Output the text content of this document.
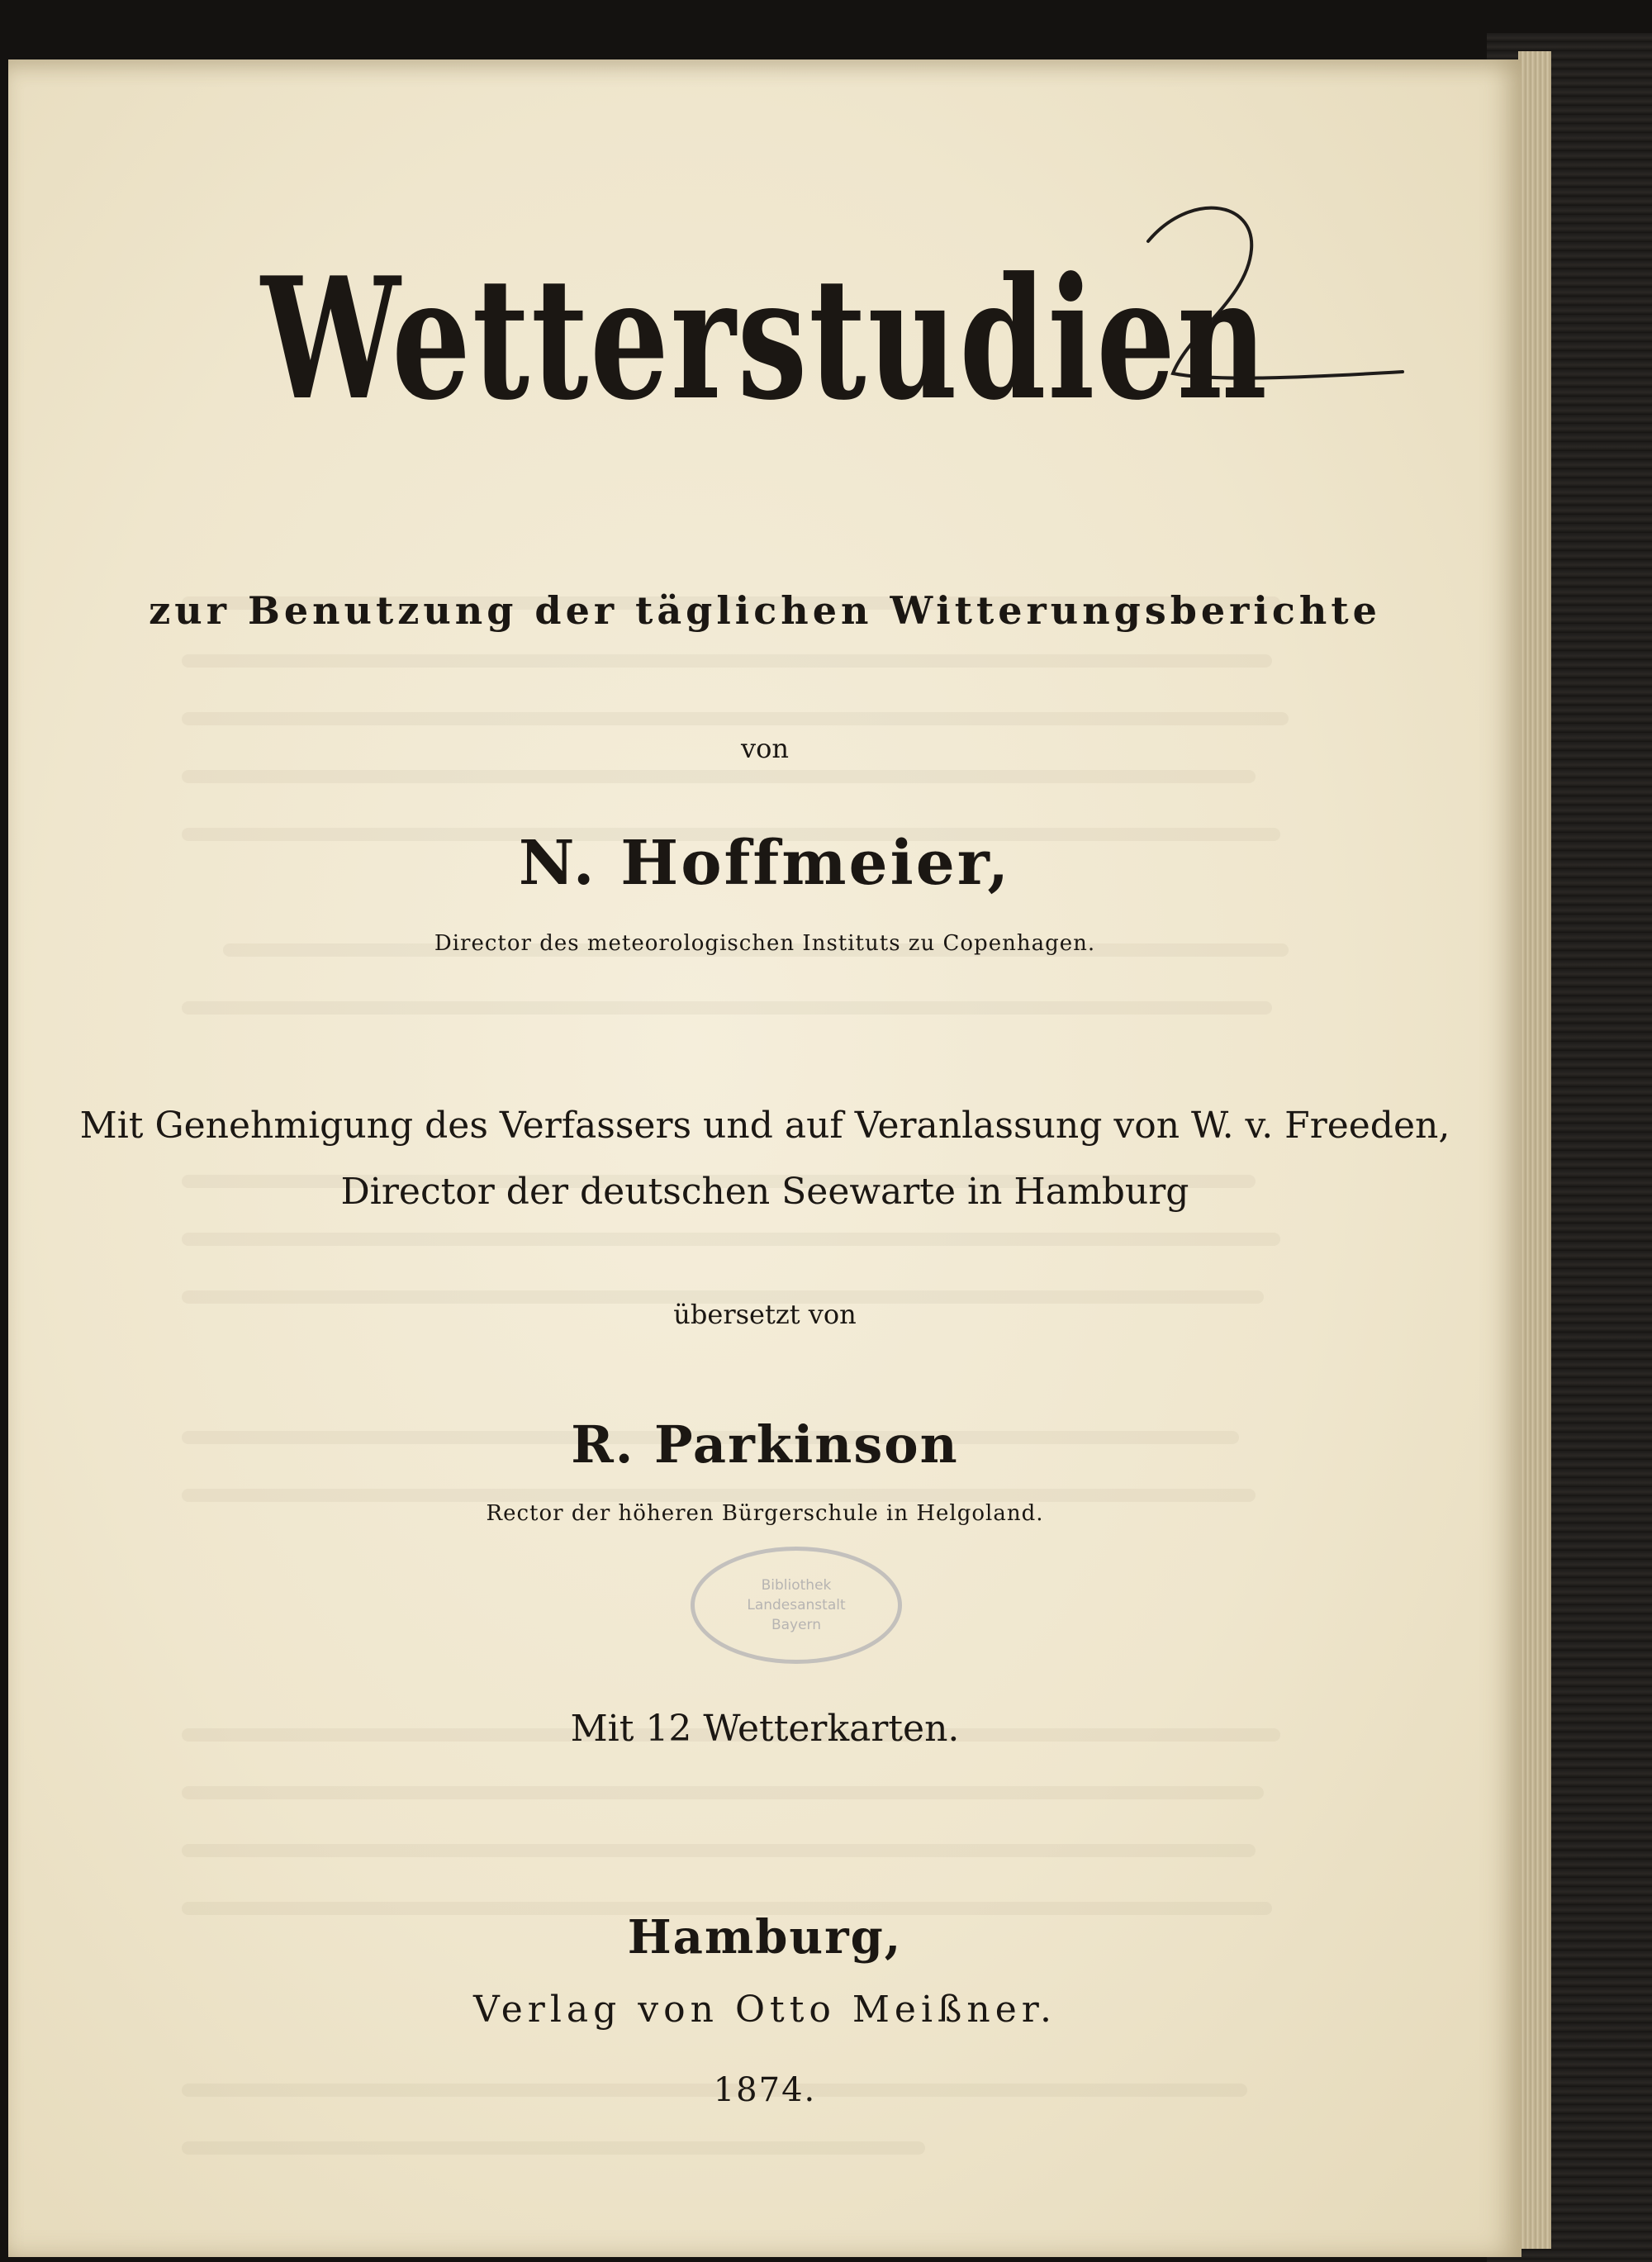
Wetterstudien
zur Benutzung der täglichen Witterungsberichte
von
N. Hoffmeier,
Director des meteorologischen Instituts zu Copenhagen.
Mit Genehmigung des Verfassers und auf Veranlassung von W. v. Freeden,
Director der deutschen Seewarte in Hamburg
übersetzt von
R. Parkinson
Rector der höheren Bürgerschule in Helgoland.
Bibliothek
Landesanstalt
Bayern
Mit 12 Wetterkarten.
Hamburg,
Verlag von Otto Meißner.
1874.
